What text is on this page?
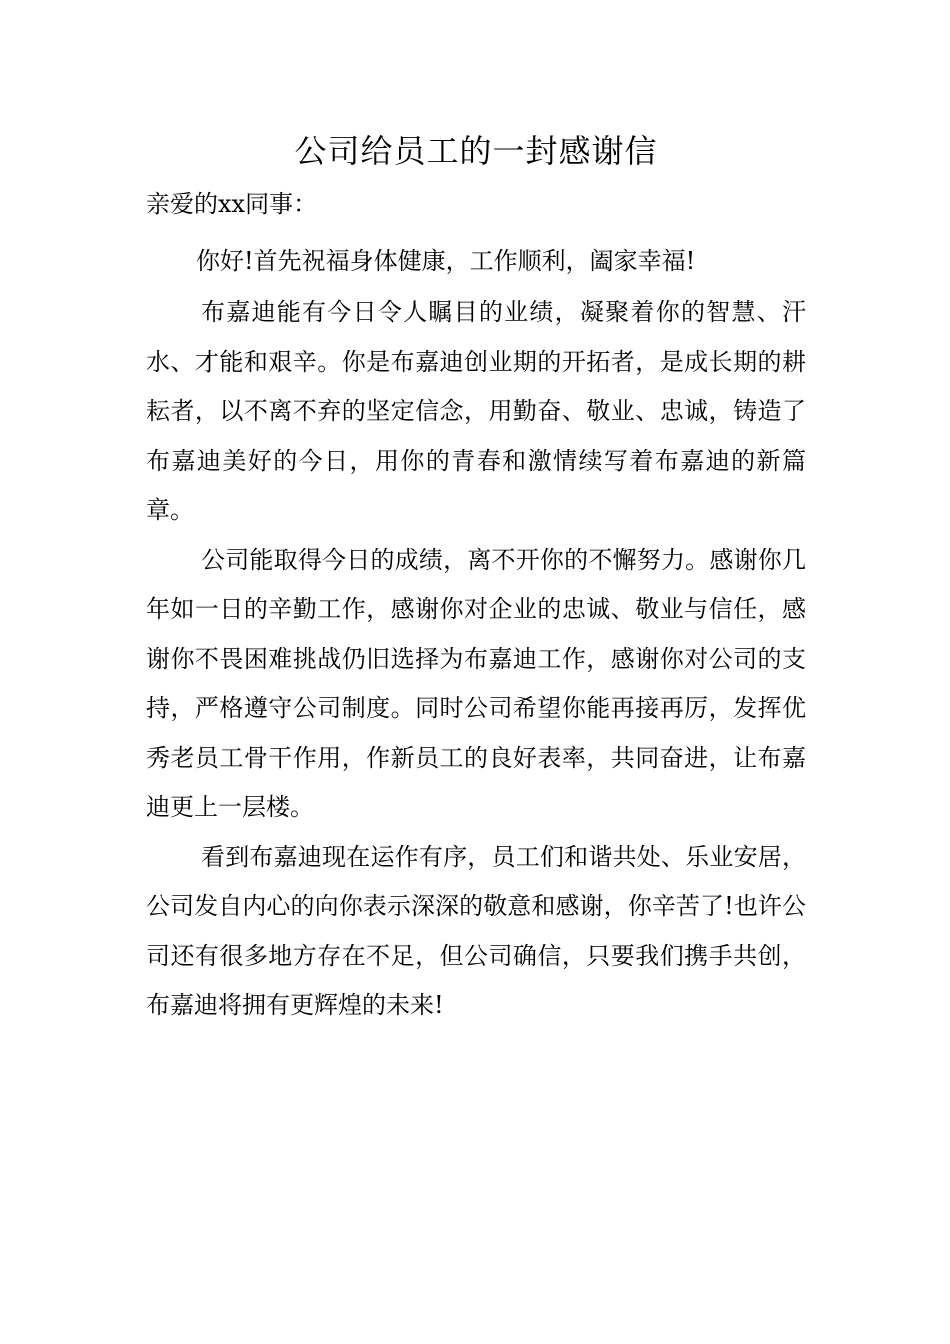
公司给员工的一封感谢信

亲爱的xx同事：

你好!首先祝福身体健康，工作顺利，阖家幸福!

布嘉迪能有今日令人瞩目的业绩，凝聚着你的智慧、汗水、才能和艰辛。你是布嘉迪创业期的开拓者，是成长期的耕耘者，以不离不弃的坚定信念，用勤奋、敬业、忠诚，铸造了布嘉迪美好的今日，用你的青春和激情续写着布嘉迪的新篇章。

公司能取得今日的成绩，离不开你的不懈努力。感谢你几年如一日的辛勤工作，感谢你对企业的忠诚、敬业与信任，感谢你不畏困难挑战仍旧选择为布嘉迪工作，感谢你对公司的支持，严格遵守公司制度。同时公司希望你能再接再厉，发挥优秀老员工骨干作用，作新员工的良好表率，共同奋进，让布嘉迪更上一层楼。

看到布嘉迪现在运作有序，员工们和谐共处、乐业安居，公司发自内心的向你表示深深的敬意和感谢，你辛苦了!也许公司还有很多地方存在不足，但公司确信，只要我们携手共创，布嘉迪将拥有更辉煌的未来!
